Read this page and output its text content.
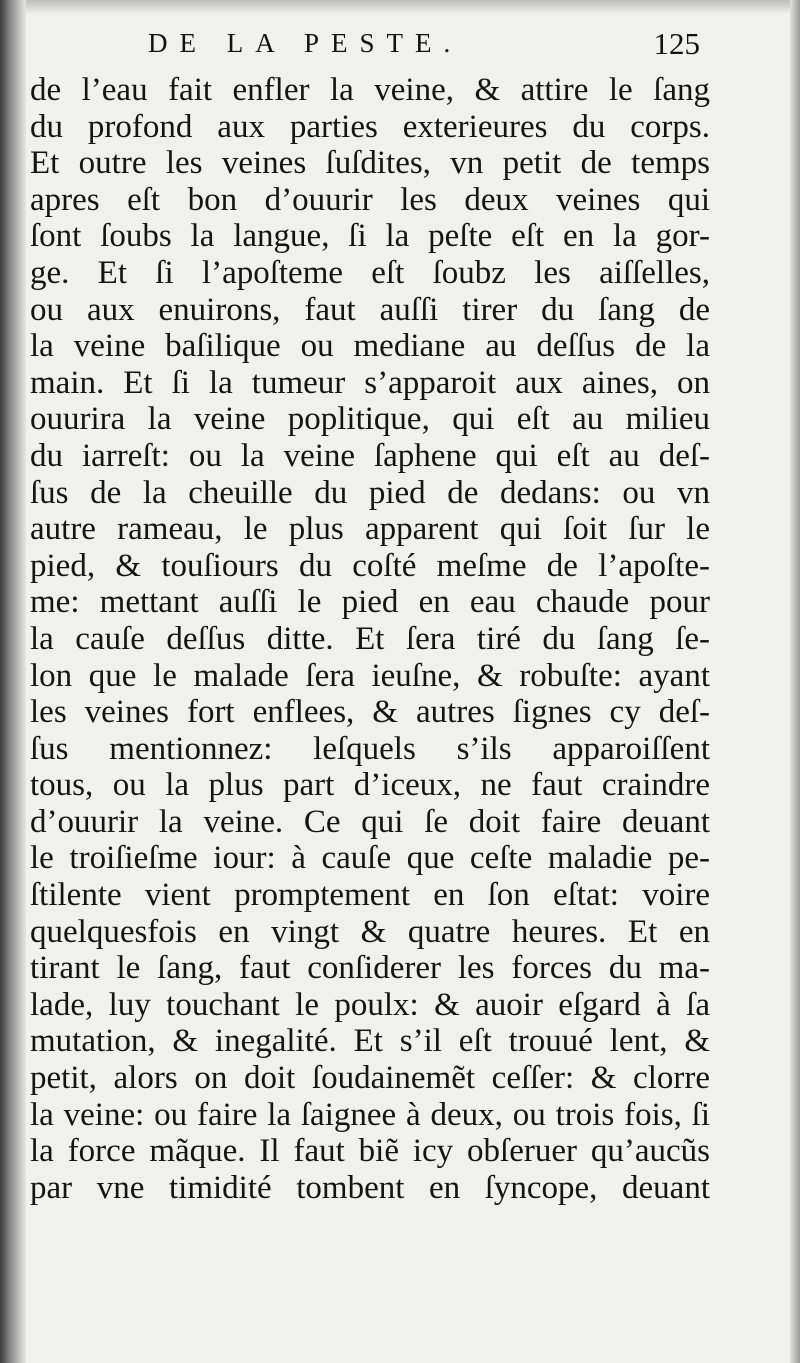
DE LA PESTE.	125
de l’eau fait enfler la veine, & attire le ſang
du profond aux parties exterieures du corps.
Et outre les veines ſuſdites, vn petit de temps
apres eſt bon d’ouurir les deux veines qui
ſont ſoubs la langue, ſi la peſte eſt en la gor-
ge. Et ſi l’apoſteme eſt ſoubz les aiſſelles,
ou aux enuirons, faut auſſi tirer du ſang de
la veine baſilique ou mediane au deſſus de la
main. Et ſi la tumeur s’apparoit aux aines, on
ouurira la veine poplitique, qui eſt au milieu
du iarreſt: ou la veine ſaphene qui eſt au deſ-
ſus de la cheuille du pied de dedans: ou vn
autre rameau, le plus apparent qui ſoit ſur le
pied, & touſiours du coſté meſme de l’apoſte-
me: mettant auſſi le pied en eau chaude pour
la cauſe deſſus ditte. Et ſera tiré du ſang ſe-
lon que le malade ſera ieuſne, & robuſte: ayant
les veines fort enflees, & autres ſignes cy deſ-
ſus mentionnez: leſquels s’ils apparoiſſent
tous, ou la plus part d’iceux, ne faut craindre
d’ouurir la veine. Ce qui ſe doit faire deuant
le troiſieſme iour: à cauſe que ceſte maladie pe-
ſtilente vient promptement en ſon eſtat: voire
quelquesfois en vingt & quatre heures. Et en
tirant le ſang, faut conſiderer les forces du ma-
lade, luy touchant le poulx: & auoir eſgard à ſa
mutation, & inegalité. Et s’il eſt trouué lent, &
petit, alors on doit ſoudainemẽt ceſſer: & clorre
la veine: ou faire la ſaignee à deux, ou trois fois, ſi
la force mãque. Il faut biẽ icy obſeruer qu’aucũs
par vne timidité tombent en ſyncope, deuant
